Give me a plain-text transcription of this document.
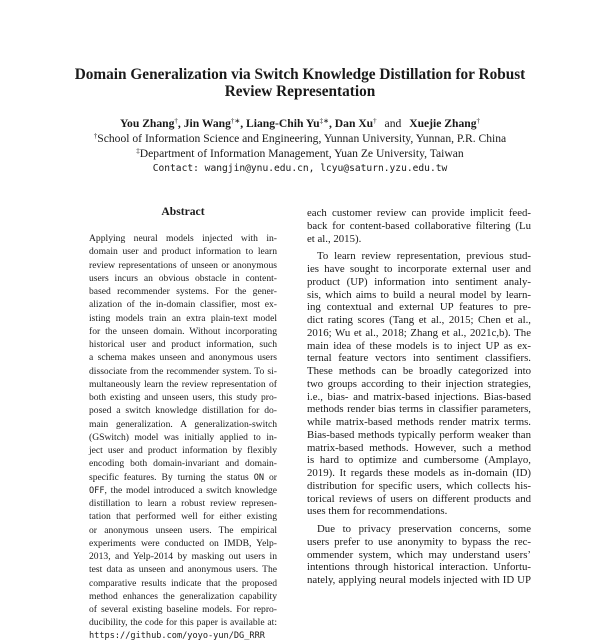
Domain Generalization via Switch Knowledge Distillation for Robust
Review Representation
You Zhang†, Jin Wang†∗, Liang-Chih Yu‡∗, Dan Xu† and Xuejie Zhang†
†School of Information Science and Engineering, Yunnan University, Yunnan, P.R. China
‡Department of Information Management, Yuan Ze University, Taiwan
Contact: wangjin@ynu.edu.cn, lcyu@saturn.yzu.edu.tw
Abstract
Applying neural models injected with in-
domain user and product information to learn
review representations of unseen or anonymous
users incurs an obvious obstacle in content-
based recommender systems. For the gener-
alization of the in-domain classifier, most ex-
isting models train an extra plain-text model
for the unseen domain. Without incorporating
historical user and product information, such
a schema makes unseen and anonymous users
dissociate from the recommender system. To si-
multaneously learn the review representation of
both existing and unseen users, this study pro-
posed a switch knowledge distillation for do-
main generalization. A generalization-switch
(GSwitch) model was initially applied to in-
ject user and product information by flexibly
encoding both domain-invariant and domain-
specific features. By turning the status ON or
OFF, the model introduced a switch knowledge
distillation to learn a robust review represen-
tation that performed well for either existing
or anonymous unseen users. The empirical
experiments were conducted on IMDB, Yelp-
2013, and Yelp-2014 by masking out users in
test data as unseen and anonymous users. The
comparative results indicate that the proposed
method enhances the generalization capability
of several existing baseline models. For repro-
ducibility, the code for this paper is available at:
https://github.com/yoyo-yun/DG_RRR
each customer review can provide implicit feed-
back for content-based collaborative filtering (Lu
et al., 2015).
To learn review representation, previous stud-
ies have sought to incorporate external user and
product (UP) information into sentiment analy-
sis, which aims to build a neural model by learn-
ing contextual and external UP features to pre-
dict rating scores (Tang et al., 2015; Chen et al.,
2016; Wu et al., 2018; Zhang et al., 2021c,b). The
main idea of these models is to inject UP as ex-
ternal feature vectors into sentiment classifiers.
These methods can be broadly categorized into
two groups according to their injection strategies,
i.e., bias- and matrix-based injections. Bias-based
methods render bias terms in classifier parameters,
while matrix-based methods render matrix terms.
Bias-based methods typically perform weaker than
matrix-based methods. However, such a method
is hard to optimize and cumbersome (Amplayo,
2019). It regards these models as in-domain (ID)
distribution for specific users, which collects his-
torical reviews of users on different products and
uses them for recommendations.
Due to privacy preservation concerns, some
users prefer to use anonymity to bypass the rec-
ommender system, which may understand users’
intentions through historical interaction. Unfortu-
nately, applying neural models injected with ID UP
